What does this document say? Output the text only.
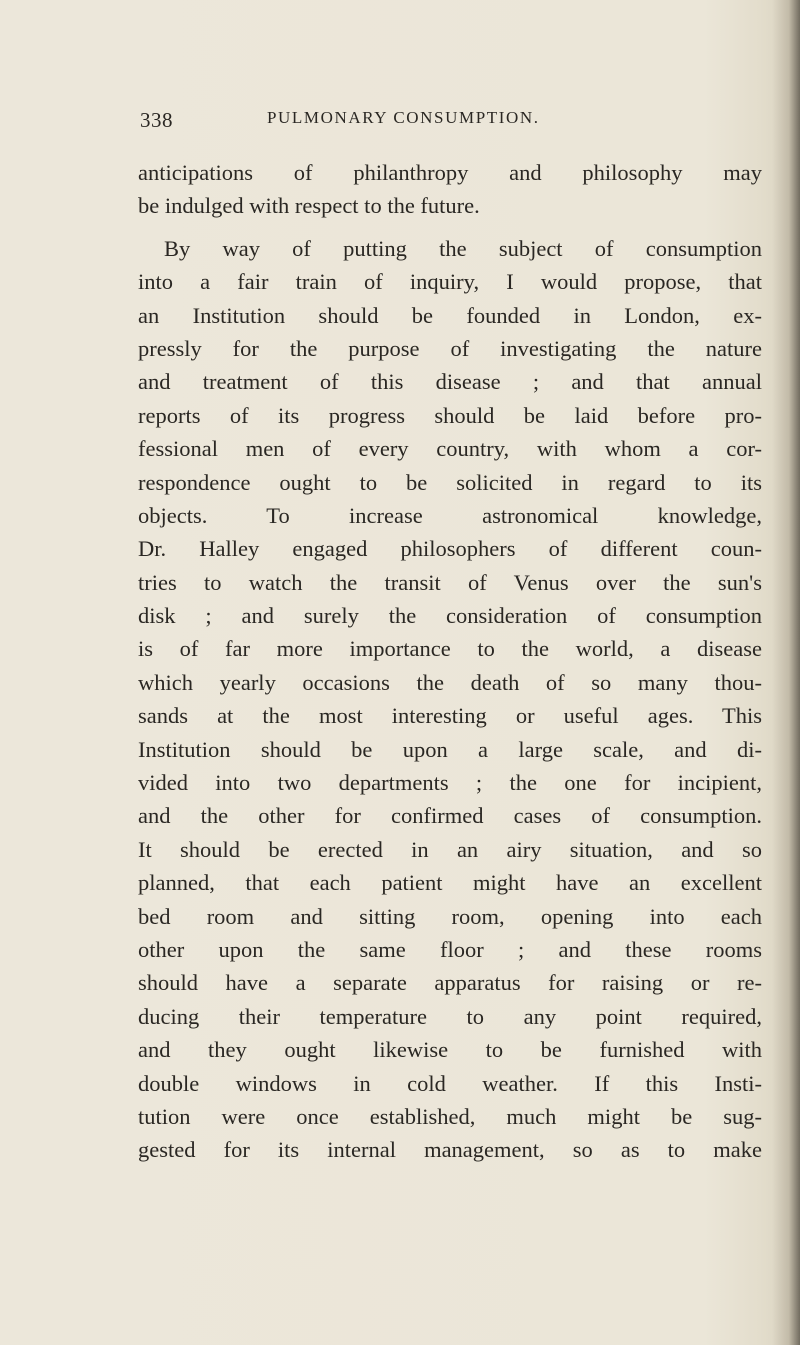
338	PULMONARY CONSUMPTION.
anticipations of philanthropy and philosophy may
be indulged with respect to the future.
By way of putting the subject of consumption
into a fair train of inquiry, I would propose, that
an Institution should be founded in London, ex-
pressly for the purpose of investigating the nature
and treatment of this disease ; and that annual
reports of its progress should be laid before pro-
fessional men of every country, with whom a cor-
respondence ought to be solicited in regard to its
objects. To increase astronomical knowledge,
Dr. Halley engaged philosophers of different coun-
tries to watch the transit of Venus over the sun's
disk ; and surely the consideration of consumption
is of far more importance to the world, a disease
which yearly occasions the death of so many thou-
sands at the most interesting or useful ages. This
Institution should be upon a large scale, and di-
vided into two departments ; the one for incipient,
and the other for confirmed cases of consumption.
It should be erected in an airy situation, and so
planned, that each patient might have an excellent
bed room and sitting room, opening into each
other upon the same floor ; and these rooms
should have a separate apparatus for raising or re-
ducing their temperature to any point required,
and they ought likewise to be furnished with
double windows in cold weather. If this Insti-
tution were once established, much might be sug-
gested for its internal management, so as to make
